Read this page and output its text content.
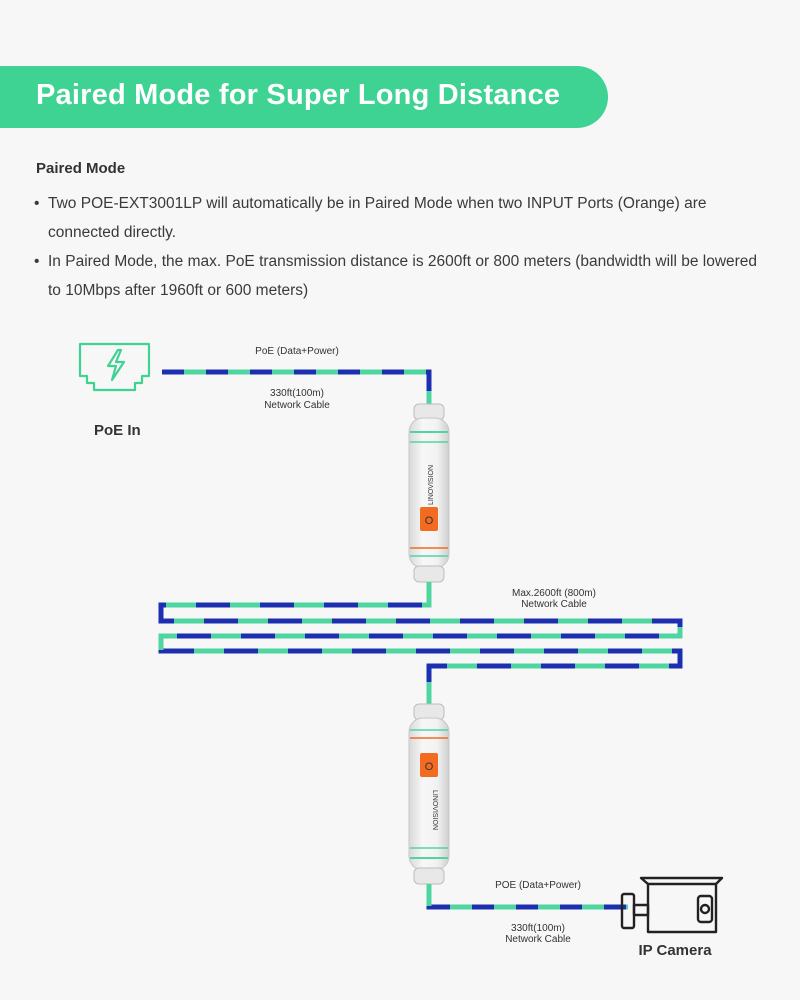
Paired Mode for Super Long Distance
Paired Mode
• Two POE-EXT3001LP will automatically be in Paired Mode when two INPUT Ports (Orange) are connected directly.
• In Paired Mode, the max. PoE transmission distance is 2600ft or 800 meters (bandwidth will be lowered to 10Mbps after 1960ft or 600 meters)
PoE In
PoE (Data+Power)
330ft(100m)
Network Cable
LINOVISION
O
Max.2600ft (800m)
Network Cable
O
LINOVISION
POE (Data+Power)
330ft(100m)
Network Cable
IP Camera
